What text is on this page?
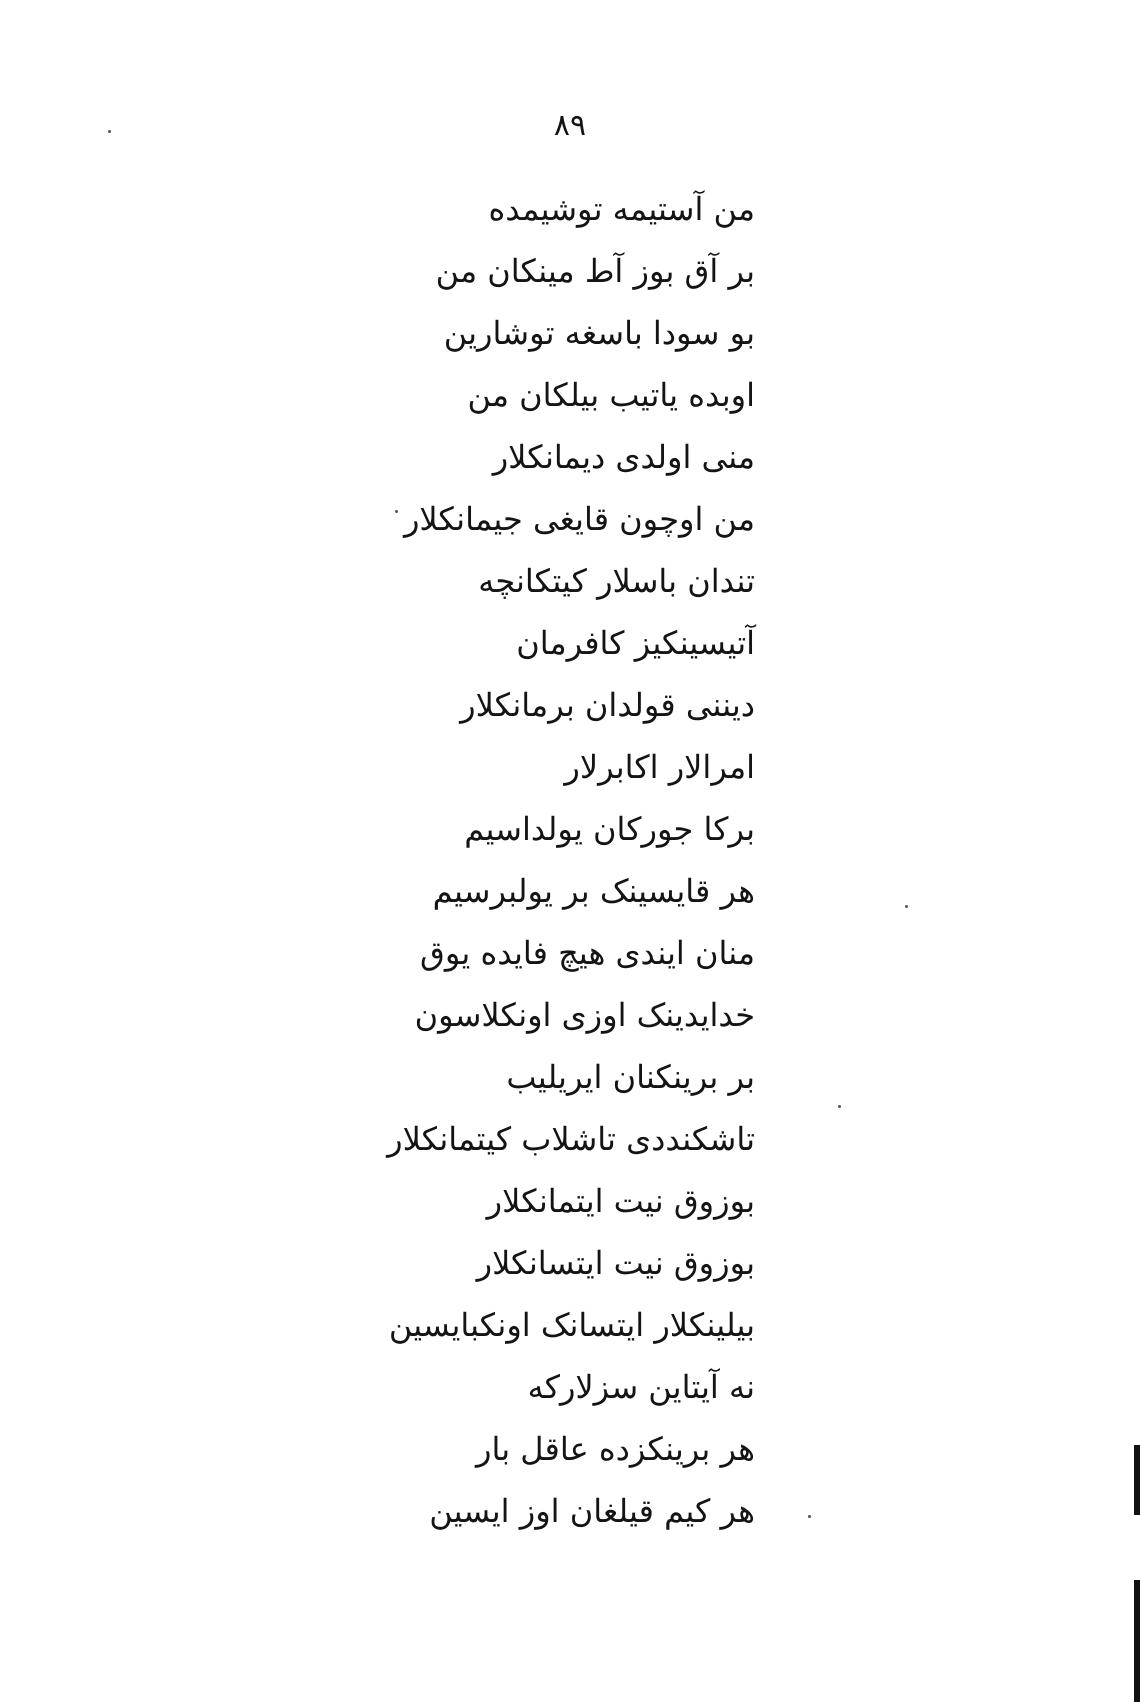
۸۹
من آستیمه توشیمده
بر آق بوز آط مینکان من
بو سودا باسغه توشارین
اوبده یاتیب بیلکان من
منی اولدی دیمانکلار
من اوچون قایغی جیمانکلار
تندان باسلار کیتکانچه
آتیسینکیز کافرمان
دیننی قولدان برمانکلار
امرالار اکابرلار
برکا جورکان یولداسیم
هر قایسینک بر یولبرسیم
منان ایندی هیچ فایده یوق
خدایدینک اوزی اونکلاسون
بر برینکنان ایریلیب
تاشکنددی تاشلاب کیتمانکلار
بوزوق نیت ایتمانکلار
بوزوق نیت ایتسانکلار
بیلینکلار ایتسانک اونکبایسین
نه آیتاین سزلارکه
هر برینکزده عاقل بار
هر کیم قیلغان اوز ایسین
